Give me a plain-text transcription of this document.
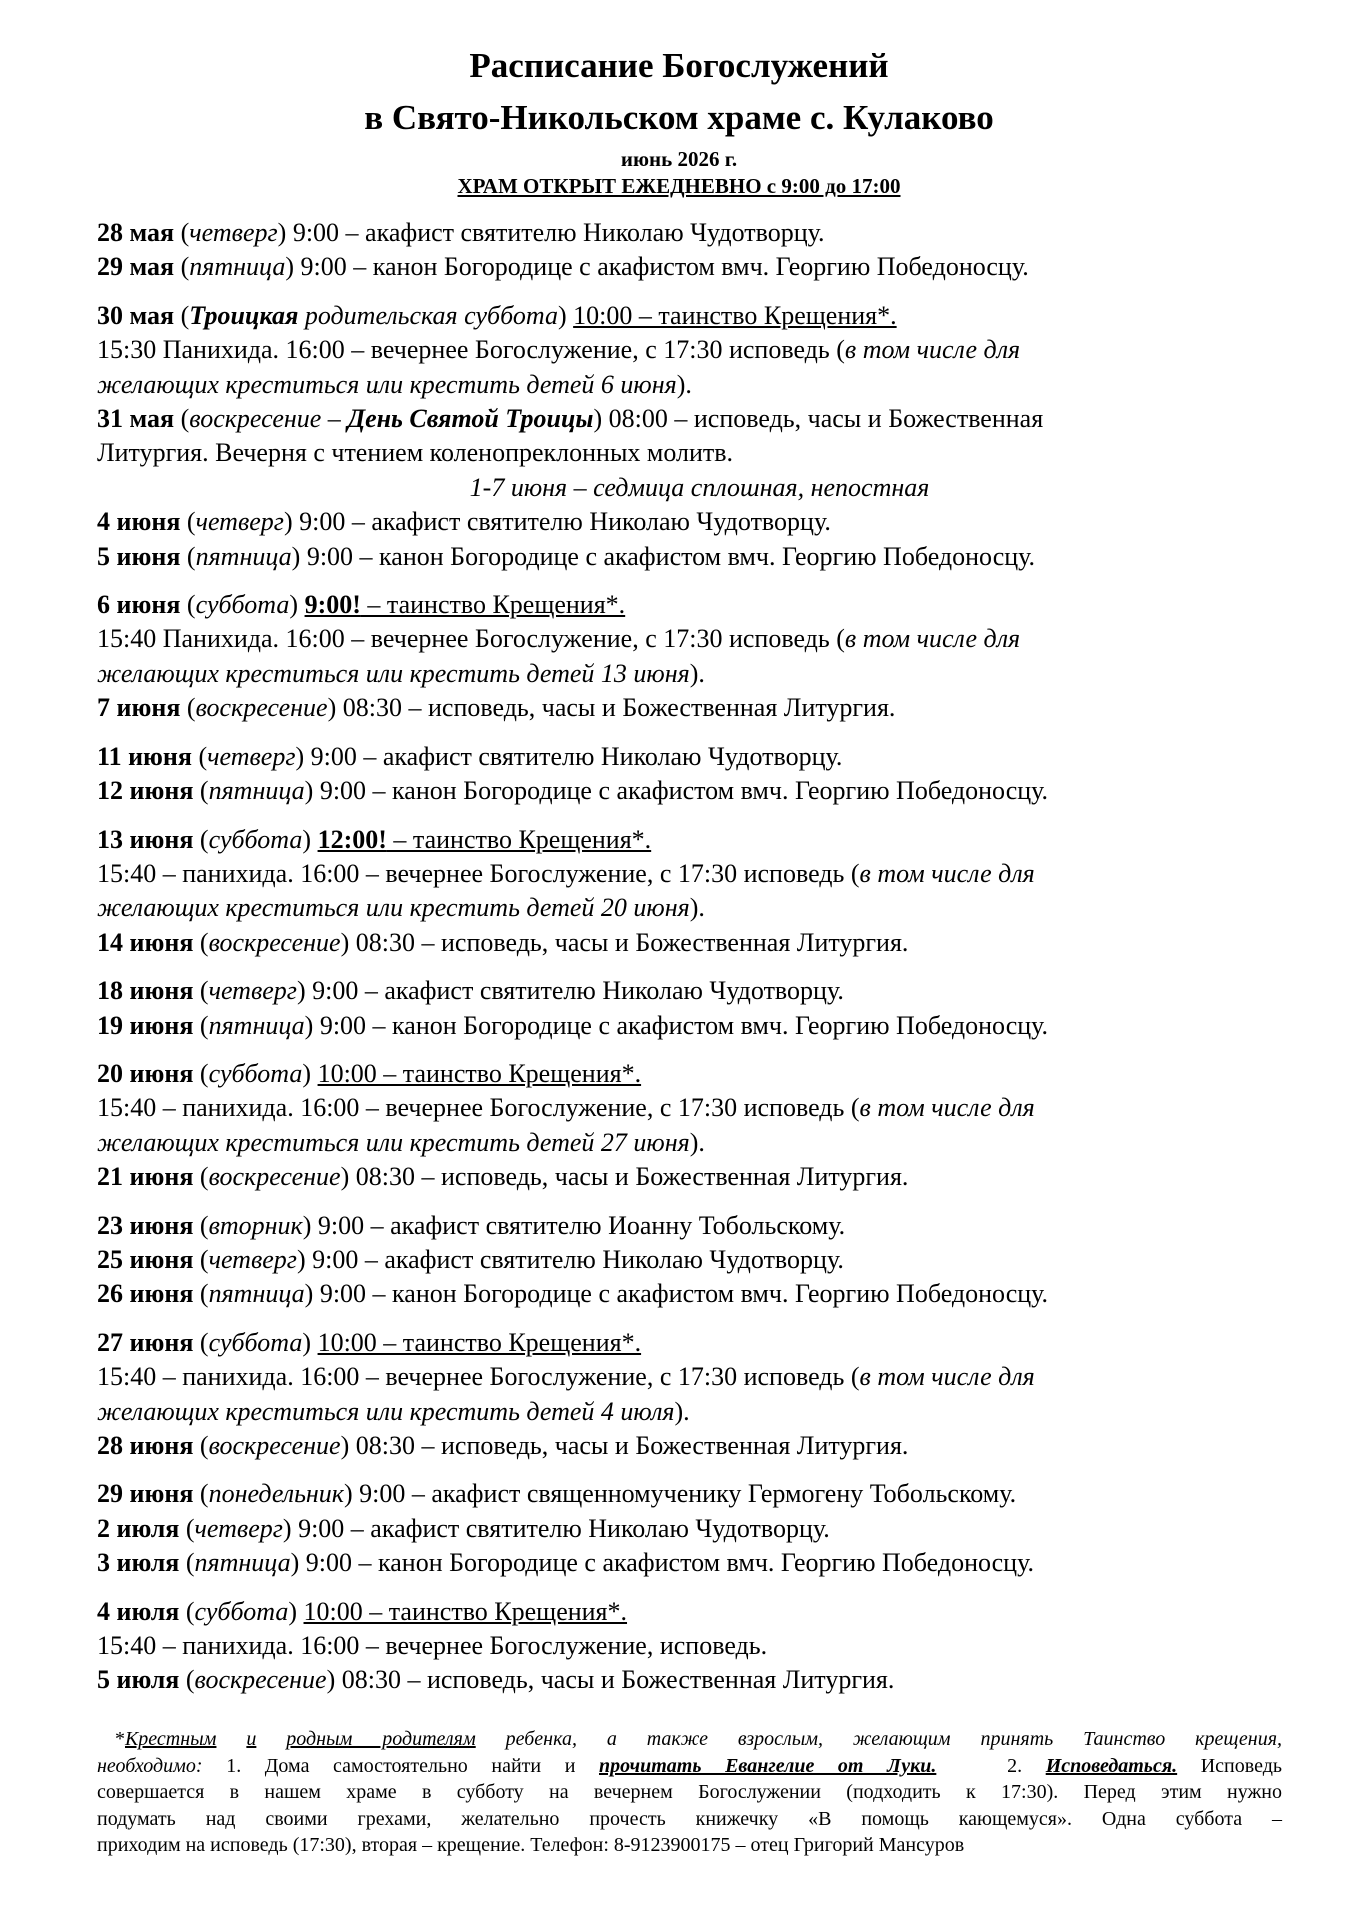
Расписание Богослужений
в Свято-Никольском храме с. Кулаково
июнь 2026 г.
ХРАМ ОТКРЫТ ЕЖЕДНЕВНО с 9:00 до 17:00
28 мая (четверг) 9:00 – акафист святителю Николаю Чудотворцу.
29 мая (пятница) 9:00 – канон Богородице с акафистом вмч. Георгию Победоносцу.
30 мая (Троицкая родительская суббота) 10:00 – таинство Крещения*.
15:30 Панихида. 16:00 – вечернее Богослужение, с 17:30 исповедь (в том числе для
желающих креститься или крестить детей 6 июня).
31 мая (воскресение – День Святой Троицы) 08:00 – исповедь, часы и Божественная
Литургия. Вечерня с чтением коленопреклонных молитв.
1-7 июня – седмица сплошная, непостная
4 июня (четверг) 9:00 – акафист святителю Николаю Чудотворцу.
5 июня (пятница) 9:00 – канон Богородице с акафистом вмч. Георгию Победоносцу.
6 июня (суббота) 9:00! – таинство Крещения*.
15:40 Панихида. 16:00 – вечернее Богослужение, с 17:30 исповедь (в том числе для
желающих креститься или крестить детей 13 июня).
7 июня (воскресение) 08:30 – исповедь, часы и Божественная Литургия.
11 июня (четверг) 9:00 – акафист святителю Николаю Чудотворцу.
12 июня (пятница) 9:00 – канон Богородице с акафистом вмч. Георгию Победоносцу.
13 июня (суббота) 12:00! – таинство Крещения*.
15:40 – панихида. 16:00 – вечернее Богослужение, с 17:30 исповедь (в том числе для
желающих креститься или крестить детей 20 июня).
14 июня (воскресение) 08:30 – исповедь, часы и Божественная Литургия.
18 июня (четверг) 9:00 – акафист святителю Николаю Чудотворцу.
19 июня (пятница) 9:00 – канон Богородице с акафистом вмч. Георгию Победоносцу.
20 июня (суббота) 10:00 – таинство Крещения*.
15:40 – панихида. 16:00 – вечернее Богослужение, с 17:30 исповедь (в том числе для
желающих креститься или крестить детей 27 июня).
21 июня (воскресение) 08:30 – исповедь, часы и Божественная Литургия.
23 июня (вторник) 9:00 – акафист святителю Иоанну Тобольскому.
25 июня (четверг) 9:00 – акафист святителю Николаю Чудотворцу.
26 июня (пятница) 9:00 – канон Богородице с акафистом вмч. Георгию Победоносцу.
27 июня (суббота) 10:00 – таинство Крещения*.
15:40 – панихида. 16:00 – вечернее Богослужение, с 17:30 исповедь (в том числе для
желающих креститься или крестить детей 4 июля).
28 июня (воскресение) 08:30 – исповедь, часы и Божественная Литургия.
29 июня (понедельник) 9:00 – акафист священномученику Гермогену Тобольскому.
2 июля (четверг) 9:00 – акафист святителю Николаю Чудотворцу.
3 июля (пятница) 9:00 – канон Богородице с акафистом вмч. Георгию Победоносцу.
4 июля (суббота) 10:00 – таинство Крещения*.
15:40 – панихида. 16:00 – вечернее Богослужение, исповедь.
5 июля (воскресение) 08:30 – исповедь, часы и Божественная Литургия.
*Крестным и родным родителям ребенка, а также взрослым, желающим принять Таинство крещения,
необходимо: 1. Дома самостоятельно найти и прочитать Евангелие от Луки.   2. Исповедаться. Исповедь
совершается в нашем храме в субботу на вечернем Богослужении (подходить к 17:30). Перед этим нужно
подумать над своими грехами, желательно прочесть книжечку «В помощь кающемуся». Одна суббота –
приходим на исповедь (17:30), вторая – крещение. Телефон: 8-9123900175 – отец Григорий Мансуров
